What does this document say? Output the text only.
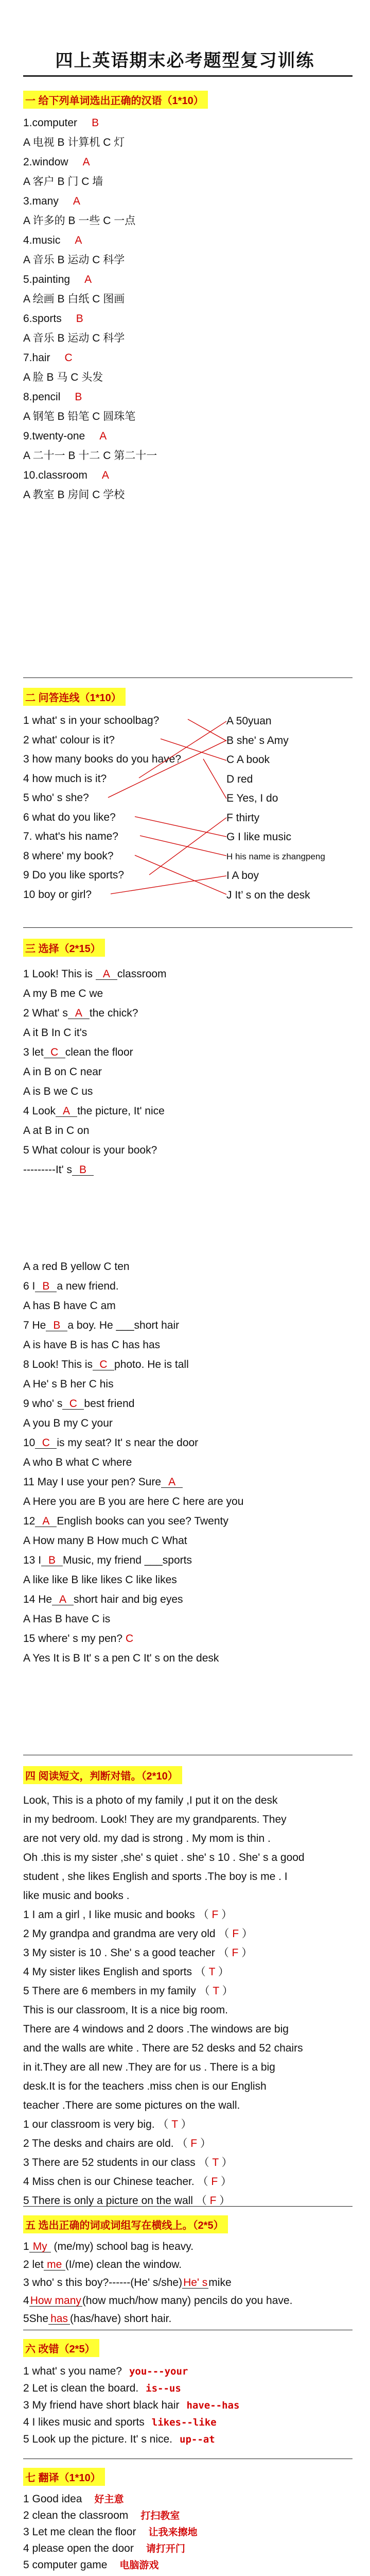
四上英语期末必考题型复习训练
一 给下列单词选出正确的汉语（1*10）
1.computer B
A 电视 B 计算机 C 灯
2.window A
A 客户 B 门 C 墙
3.many A
A 许多的 B 一些 C 一点
4.music A
A 音乐 B 运动 C 科学
5.painting A
A 绘画 B 白纸 C 图画
6.sports B
A 音乐 B 运动 C 科学
7.hair C
A 脸 B 马 C 头发
8.pencil B
A 钢笔 B 铅笔 C 圆珠笔
9.twenty-one A
A 二十一 B 十二 C 第二十一
10.classroom A
A 教室 B 房间 C 学校
二 问答连线（1*10）
1 what' s in your schoolbag?
2 what' colour is it?
3 how many books do you have?
4 how much is it?
5 who' s she?
6 what do you like?
7. what's his name?
8 where' my book?
9 Do you like sports?
10 boy or girl?
A 50yuan
B she' s Amy
C A book
D red
E Yes, I do
F thirty
G I like music
H his name is zhangpeng
I A boy
J It’ s on the desk
三 选择（2*15）
1 Look! This is A classroom
A my B me C we
2 What' s A the chick?
A it B In C it's
3 let C clean the floor
A in B on C near
A is B we C us
4 Look A the picture, It' nice
A at B in C on
5 What colour is your book?
---------It' s B
A a red B yellow C ten
6 I B a new friend.
A has B have C am
7 He B a boy. He ___short hair
A is have B is has C has has
8 Look! This is C photo. He is tall
A He' s B her C his
9 who' s C best friend
A you B my C your
10 C is my seat? It' s near the door
A who B what C where
11 May I use your pen? Sure A
A Here you are B you are here C here are you
12 A English books can you see? Twenty
A How many B How much C What
13 I B Music, my friend ___sports
A like like B like likes C like likes
14 He A short hair and big eyes
A Has B have C is
15 where' s my pen? C
A Yes It is B It' s a pen C It' s on the desk
四 阅读短文，判断对错。（2*10）
Look, This is a photo of my family ,I put it on the desk
in my bedroom. Look! They are my grandparents. They
are not very old. my dad is strong . My mom is thin .
Oh .this is my sister ,she' s quiet . she' s 10 . She' s a good
student , she likes English and sports .The boy is me . I
like music and books .
1 I am a girl , I like music and books （ F ）
2 My grandpa and grandma are very old （ F ）
3 My sister is 10 . She' s a good teacher （ F ）
4 My sister likes English and sports （ T ）
5 There are 6 members in my family （ T ）
This is our classroom, It is a nice big room.
There are 4 windows and 2 doors .The windows are big
and the walls are white . There are 52 desks and 52 chairs
in it.They are all new .They are for us . There is a big
desk.It is for the teachers .miss chen is our English
teacher .There are some pictures on the wall.
1 our classroom is very big. （ T ）
2 The desks and chairs are old. （ F ）
3 There are 52 students in our class （ T ）
4 Miss chen is our Chinese teacher. （ F ）
5 There is only a picture on the wall （ F ）
五 选出正确的词或词组写在横线上。（2*5）
1 My (me/my) school bag is heavy.
2 let me (I/me) clean the window.
3 who' s this boy?------(He' s/she)He' smike
4How many(how much/how many) pencils do you have.
5She has (has/have) short hair.
六 改错（2*5）
1 what' s you name? you---your
2 Let is clean the board. is--us
3 My friend have short black hair have--has
4 I likes music and sports likes--like
5 Look up the picture. It' s nice. up--at
七 翻译（1*10）
1 Good idea 好主意
2 clean the classroom 打扫教室
3 Let me clean the floor 让我来擦地
4 please open the door 请打开门
5 computer game 电脑游戏
